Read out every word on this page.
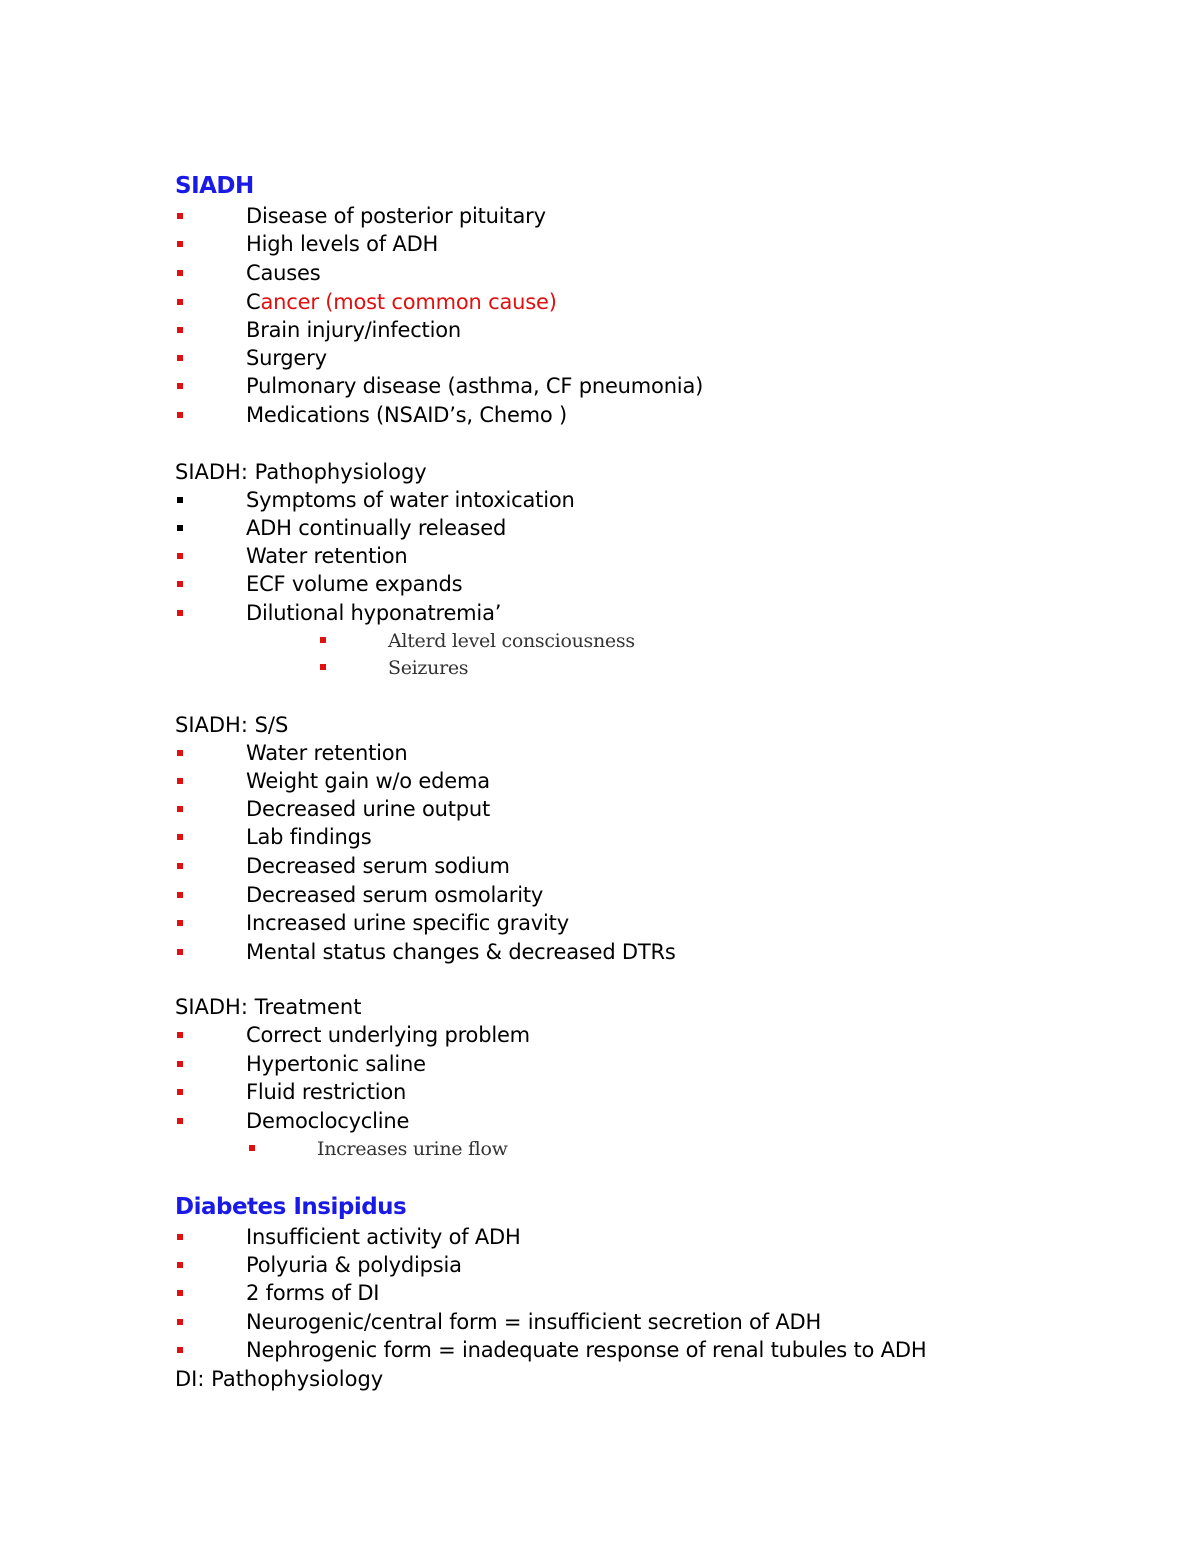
SIADH
Disease of posterior pituitary
High levels of ADH
Causes
Cancer (most common cause)
Brain injury/infection
Surgery
Pulmonary disease (asthma, CF pneumonia)
Medications (NSAID’s, Chemo )
SIADH: Pathophysiology
Symptoms of water intoxication
ADH continually released
Water retention
ECF volume expands
Dilutional hyponatremia’
Alterd level consciousness
Seizures
SIADH: S/S
Water retention
Weight gain w/o edema
Decreased urine output
Lab findings
Decreased serum sodium
Decreased serum osmolarity
Increased urine specific gravity
Mental status changes & decreased DTRs
SIADH: Treatment
Correct underlying problem
Hypertonic saline
Fluid restriction
Democlocycline
Increases urine flow
Diabetes Insipidus
Insufficient activity of ADH
Polyuria & polydipsia
2 forms of DI
Neurogenic/central form = insufficient secretion of ADH
Nephrogenic form = inadequate response of renal tubules to ADH
DI: Pathophysiology
